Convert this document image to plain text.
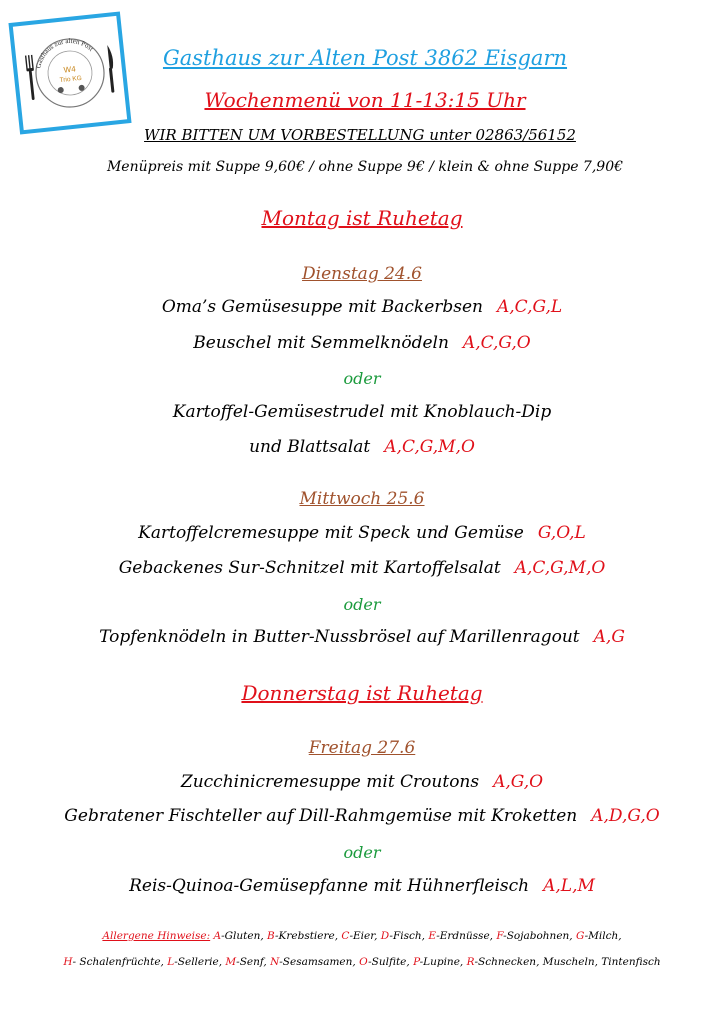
Gasthaus zur alten Post
W4
Trio KG
Gasthaus zur Alten Post 3862 Eisgarn
Wochenmenü von 11-13:15 Uhr
WIR BITTEN UM VORBESTELLUNG unter 02863/56152
Menüpreis mit Suppe 9,60€ / ohne Suppe 9€ / klein & ohne Suppe 7,90€
Montag ist Ruhetag
Dienstag 24.6
Oma’s Gemüsesuppe mit Backerbsen A,C,G,L
Beuschel mit Semmelknödeln A,C,G,O
oder
Kartoffel-Gemüsestrudel mit Knoblauch-Dip
und Blattsalat A,C,G,M,O
Mittwoch 25.6
Kartoffelcremesuppe mit Speck und Gemüse G,O,L
Gebackenes Sur-Schnitzel mit Kartoffelsalat A,C,G,M,O
oder
Topfenknödeln in Butter-Nussbrösel auf Marillenragout A,G
Donnerstag ist Ruhetag
Freitag 27.6
Zucchinicremesuppe mit Croutons A,G,O
Gebratener Fischteller auf Dill-Rahmgemüse mit Kroketten A,D,G,O
oder
Reis-Quinoa-Gemüsepfanne mit Hühnerfleisch A,L,M
Allergene Hinweise: A-Gluten, B-Krebstiere, C-Eier, D-Fisch, E-Erdnüsse, F-Sojabohnen, G-Milch,
H- Schalenfrüchte, L-Sellerie, M-Senf, N-Sesamsamen, O-Sulfite, P-Lupine, R-Schnecken, Muscheln, Tintenfisch
